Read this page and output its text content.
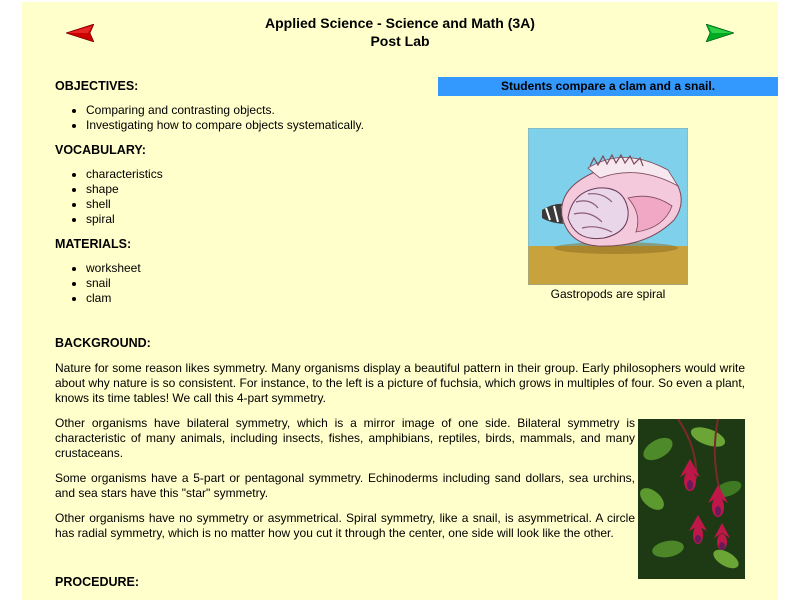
Applied Science - Science and Math (3A)
Post Lab
OBJECTIVES:
• Comparing and contrasting objects.
• Investigating how to compare objects systematically.
VOCABULARY:
• characteristics
• shape
• shell
• spiral
MATERIALS:
• worksheet
• snail
• clam
Students compare a clam and a snail.
Gastropods are spiral
BACKGROUND:

Nature for some reason likes symmetry. Many organisms display a beautiful pattern in their group. Early philosophers would write about why nature is so consistent. For instance, to the left is a picture of fuchsia, which grows in multiples of four. So even a plant, knows its time tables! We call this 4-part symmetry.

Other organisms have bilateral symmetry, which is a mirror image of one side. Bilateral symmetry is characteristic of many animals, including insects, fishes, amphibians, reptiles, birds, mammals, and many crustaceans.

Some organisms have a 5-part or pentagonal symmetry. Echinoderms including sand dollars, sea urchins, and sea stars have this "star" symmetry.

Other organisms have no symmetry or asymmetrical. Spiral symmetry, like a snail, is asymmetrical. A circle has radial symmetry, which is no matter how you cut it through the center, one side will look like the other.

PROCEDURE:
